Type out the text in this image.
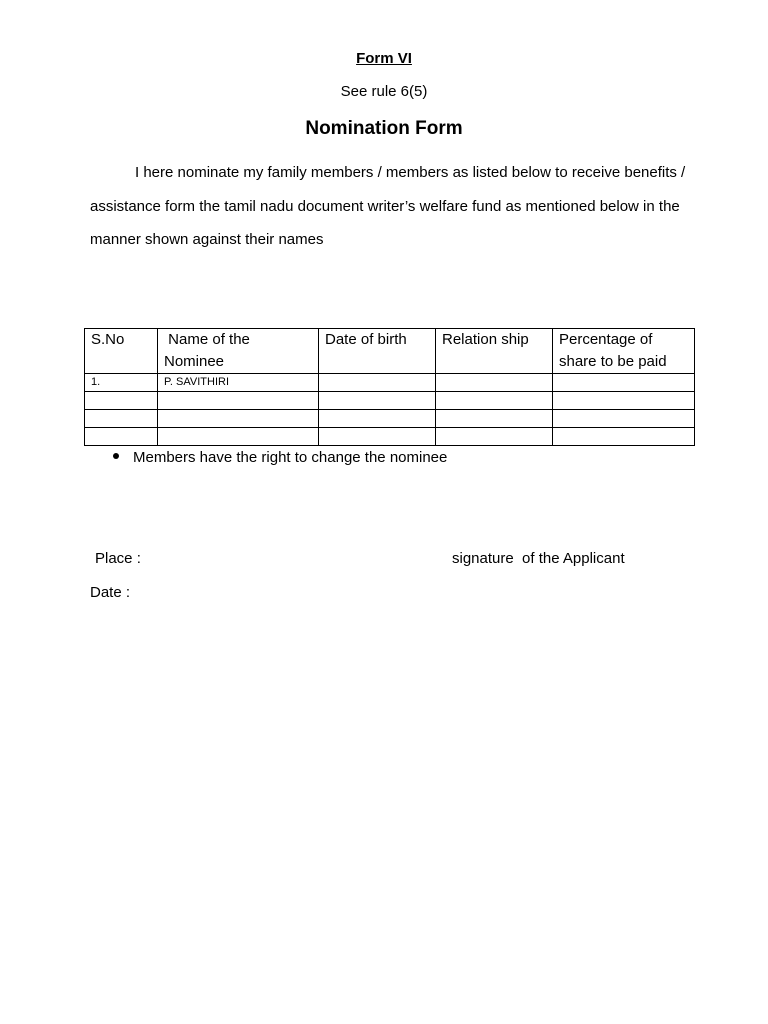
Form VI
See rule 6(5)
Nomination Form

I here nominate my family members / members as listed below to receive benefits / assistance form the tamil nadu document writer’s welfare fund as mentioned below in the manner shown against their names

S.No	Name of the Nominee	Date of birth	Relation ship	Percentage of share to be paid
1.	P. SAVITHIRI			

Members have the right to change the nominee
Place :	signature  of the Applicant
Date :
